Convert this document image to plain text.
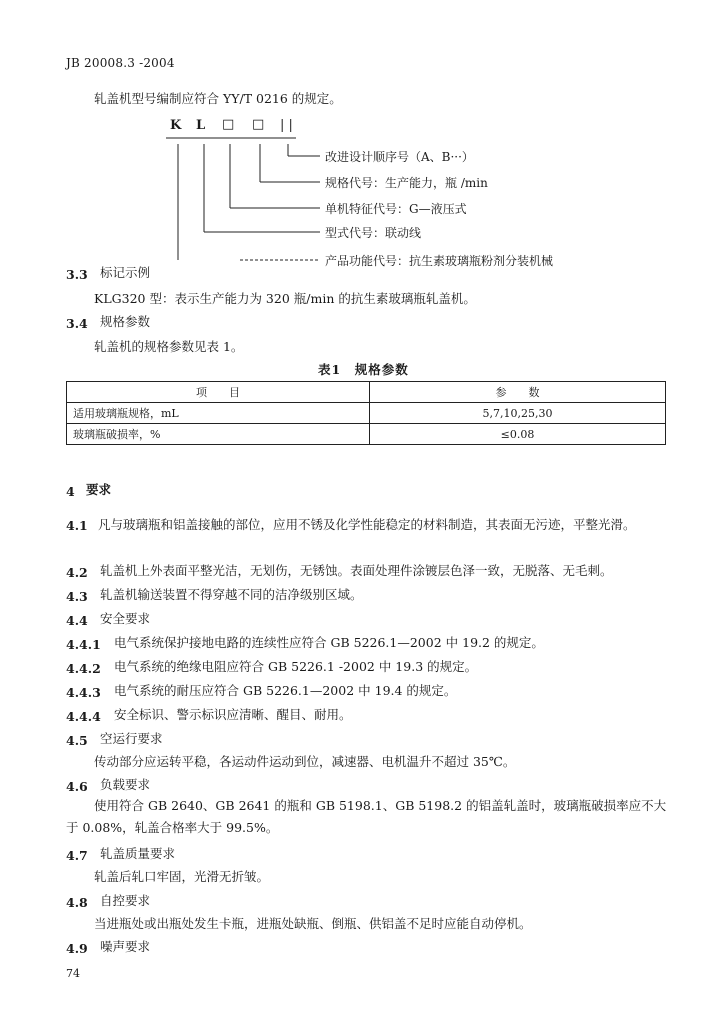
JB 20008.3 -2004
轧盖机型号编制应符合 YY/T 0216 的规定。
K L □ □ | |
改进设计顺序号（A、B···）
规格代号：生产能力，瓶 /min
单机特征代号：G—液压式
型式代号：联动线
产品功能代号：抗生素玻璃瓶粉剂分装机械
3.3 标记示例
KLG320 型：表示生产能力为 320 瓶/min 的抗生素玻璃瓶轧盖机。
3.4 规格参数
轧盖机的规格参数见表 1。
表1　规格参数
项　　目	参　　数
适用玻璃瓶规格，mL	5,7,10,25,30
玻璃瓶破损率，%	≤0.08
4 要求
4.1 凡与玻璃瓶和铝盖接触的部位，应用不锈及化学性能稳定的材料制造，其表面无污迹，平整光滑。
4.2 轧盖机上外表面平整光洁，无划伤，无锈蚀。表面处理件涂镀层色泽一致，无脱落、无毛刺。
4.3 轧盖机输送装置不得穿越不同的洁净级别区域。
4.4 安全要求
4.4.1 电气系统保护接地电路的连续性应符合 GB 5226.1—2002 中 19.2 的规定。
4.4.2 电气系统的绝缘电阻应符合 GB 5226.1 -2002 中 19.3 的规定。
4.4.3 电气系统的耐压应符合 GB 5226.1—2002 中 19.4 的规定。
4.4.4 安全标识、警示标识应清晰、醒目、耐用。
4.5 空运行要求
传动部分应运转平稳，各运动件运动到位，减速器、电机温升不超过 35℃。
4.6 负载要求
使用符合 GB 2640、GB 2641 的瓶和 GB 5198.1、GB 5198.2 的铝盖轧盖时，玻璃瓶破损率应不大于 0.08%，轧盖合格率大于 99.5%。
4.7 轧盖质量要求
轧盖后轧口牢固，光滑无折皱。
4.8 自控要求
当进瓶处或出瓶处发生卡瓶，进瓶处缺瓶、倒瓶、供铝盖不足时应能自动停机。
4.9 噪声要求
74
